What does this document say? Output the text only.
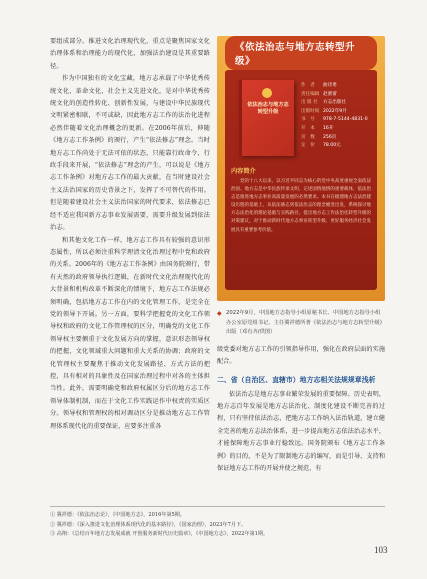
要组成部分。推进文化治理现代化，重点是聚焦国家文化治理体系和治理能力的现代化，加强法治建设是其重要路径。

作为中国独有的文化宝藏，地方志承载了中华优秀传统文化、革命文化、社会主义先进文化，是对中华优秀传统文化的创造性转化、创新性发展，与建设中华民族现代文明紧密相联，不可或缺，因此地方志工作的法治化进程必然伴随着文化治理概念的更新。在2006年前后，伸随《地方志工作条例》的颁行，产生“依法修志”理念。当时地方志工作尚处于无法可依的状态，只能靠行政命令、行政手段来开展，“依法修志”理念的产生，可以说是《地方志工作条例》对地方志工作的最大贡献，在当时建设社会主义法治国家的历史背景之下，发挥了不可替代的作用。但是随着建设社会主义法治国家的时代要求，依法修志已经不适应我国新方志事业发展需要，需要升级发展到依法治志。

和其他文化工作一样，地方志工作具有较强的意识形态属性，所以必须注重科学理清文化治理过程中党和政府的关系。2006年的《地方志工作条例》由国务院颁行，带有天然的政府领导执行逻辑，在新时代文化治理现代化的大背景和机构改革不断深化的情境下，地方志工作法规必须明确，包括地方志工作在内的文化管理工作，是完全在党的领导下开展。另一方面，要科学把握党的文化工作领导权和政府的文化工作管理权的区分，明确党的文化工作领导权主要侧重于文化发展方向的掌握，意识形态领导权的把握，文化领域重大问题和重大关系的协调；政府的文化管理权主要聚焦于推动文化发展路径、方式方法的把控，具有相对的具象性及在国家治理过程中对各的主体担当性。此外，需要明确党和政府权属区分后的地方志工作领导体制机制，而在于文化工作实践运作中权责的实质区分。领导权和管理权的相对调动区分是推动地方志工作管理体系现代化的重要保证，应要多注重各

《依法治志与地方志转型升级》
依法治志与地方志转型升级
作　者	曲诗勇
责任编辑 赵蕾蕾
出 版 社	方志出版社
出版时间 2022年9月
书　号	978-7-5144-4831-0
开　本	16开
页　数	256页
定　价	78.00元
内容简介
党的十八大以来，以习近平同志为核心的党中央高度重视全面依法治国。地方志是中华民族传承文明、记述国情地情的重要载体，依法治志是推进地方志事业高质量发展的必然要求。本书在梳理地方志法治建设历程的基础上，从依法修志到依法治志的理念嬗变出发，系统探讨地方志法治化的理论基础与实践路径，提出地方志工作法治化转型升级的对策建议，对于推动新时代地方志事业转型升级、更好服务经济社会发展具有重要参考价值。
◆ 2022年9月，中国地方志指导小组原秘书长、中国地方志指导小组办公室原党组书记、主任冀祥德所著《依法治志与地方志转型升级》出版（邓有齐/供图）

级党委对地方志工作的引领指导作用，强化在政府层面的实施配合。

二、省（自治区、直辖市）地方志相关法规规章浅析

依法治志是地方志事业繁荣发展的重要保障。历史表明，地方志百年发展是地方志法治化、制度化建设不断完善的过程，只有坚持依法治志，把地方志工作纳入法治轨道，建立健全完善的地方志法治体系，进一步提高地方志依法治志水平，才能保障地方志事业行稳致远。国务院颁布《地方志工作条例》的目的，不是为了限制地方志的编写，而是引导、支持和保证地方志工作的开展并使之规范，有

① 冀祥德：《依法治志论》，《中国地方志》，2016年第5期。
② 冀祥德：《深入推进文化治理体系现代化的基本路径》，《国家治理》，2023年7月下。
③ 高翔：《总结百年地方志发展成就 开创服务新时代历史篇章》，《中国地方志》，2022年第1期。
103
